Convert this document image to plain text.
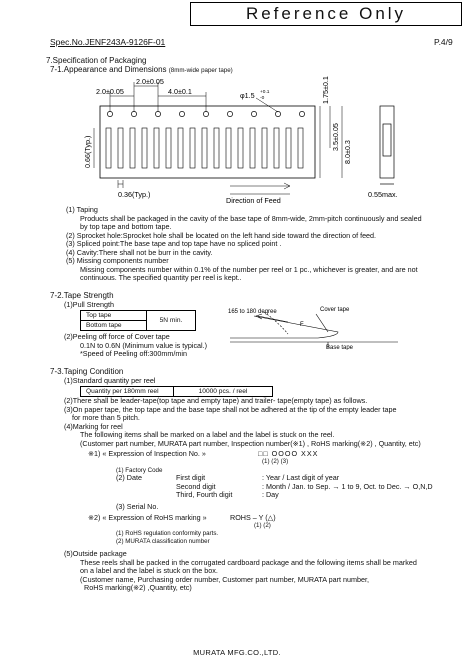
Reference Only
Spec.No.JENF243A-9126F-01	P.4/9
7.Specification of Packaging
7-1.Appearance and Dimensions (8mm-wide paper tape)
2.0±0.05
2.0±0.05	4.0±0.1	φ1.5 +0.1
-0	1.75±0.1
3.5±0.05
8.0±0.3
0.66(Typ.)
0.36(Typ.)
Direction of Feed
0.55max.
(1) Taping
Products shall be packaged in the cavity of the base tape of 8mm-wide, 2mm-pitch continuously and sealed
by top tape and bottom tape.
(2) Sprocket hole:Sprocket hole shall be located on the left hand side toward the direction of feed.
(3) Spliced point:The base tape and top tape have no spliced point .
(4) Cavity:There shall not be burr in the cavity.
(5) Missing components number
Missing components number within 0.1% of the number per reel or 1 pc., whichever is greater, and are not
continuous. The specified quantity per reel is kept..
7-2.Tape Strength
(1)Pull Strength
Top tape	5N min.
Bottom tape
(2)Peeling off force of Cover tape
0.1N to 0.6N (Minimum value is typical.)
*Speed of Peeling off:300mm/min
165 to 180 degree	Cover tape
F
Base tape
7-3.Taping Condition
(1)Standard quantity per reel
Quantity per 180mm reel	10000 pcs. / reel
(2)There shall be leader-tape(top tape and empty tape) and trailer- tape(empty tape) as follows.
(3)On paper tape, the top tape and the base tape shall not be adhered at the tip of the empty leader tape
for more than 5 pitch.
(4)Marking for reel
The following items shall be marked on a label and the label is stuck on the reel.
(Customer part number, MURATA part number, Inspection number(※1) , RoHS marking(※2) , Quantity, etc)
※1) « Expression of Inspection No. »	□□ OOOO XXX
(1) (2) (3)
(1) Factory Code
(2) Date	First digit	: Year / Last digit of year
Second digit	: Month / Jan. to Sep. → 1 to 9, Oct. to Dec. → O,N,D
Third, Fourth digit	: Day
(3) Serial No.
※2) « Expression of RoHS marking »	ROHS – Y (△)
(1) (2)
(1) RoHS regulation conformity parts.
(2) MURATA classification number
(5)Outside package
These reels shall be packed in the corrugated cardboard package and the following items shall be marked
on a label and the label is stuck on the box.
(Customer name, Purchasing order number, Customer part number, MURATA part number,
RoHS marking(※2) ,Quantity, etc)
MURATA MFG.CO.,LTD.
